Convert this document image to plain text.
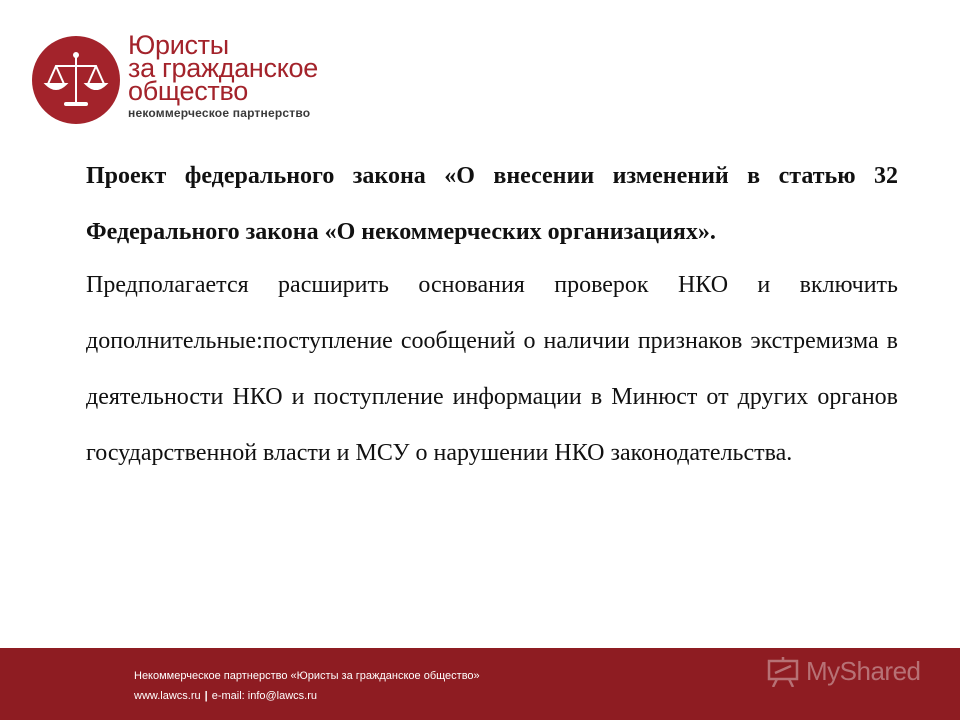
Юристы
за гражданское
общество
некоммерческое партнерство

Проект федерального закона «О внесении изменений в статью 32 Федерального закона «О некоммерческих организациях».

Предполагается расширить основания проверок НКО и включить дополнительные:поступление сообщений о наличии признаков экстремизма в деятельности НКО и поступление информации в Минюст от других органов государственной власти и МСУ о нарушении НКО законодательства.

Некоммерческое партнерство «Юристы за гражданское общество»
www.lawcs.ru | e-mail: info@lawcs.ru
MyShared
